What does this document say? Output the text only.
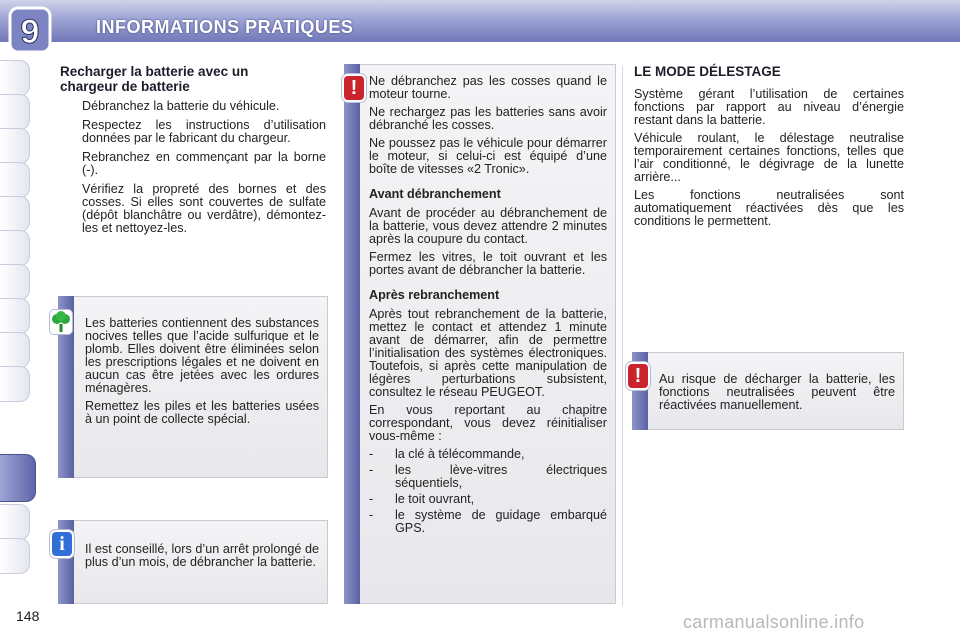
9	INFORMATIONS PRATIQUES
Recharger la batterie avec un
chargeur de batterie
Débranchez la batterie du véhicule.
Respectez les instructions d’utilisation données par le fabricant du chargeur.
Rebranchez en commençant par la borne (-).
Vérifiez la propreté des bornes et des cosses. Si elles sont couvertes de sulfate (dépôt blanchâtre ou verdâtre), démontez-les et nettoyez-les.

Les batteries contiennent des substances nocives telles que l’acide sulfurique et le plomb. Elles doivent être éliminées selon les prescriptions légales et ne doivent en aucun cas être jetées avec les ordures ménagères.

Remettez les piles et les batteries usées à un point de collecte spécial.

Il est conseillé, lors d’un arrêt prolongé de plus d’un mois, de débrancher la batterie.

i

Ne débranchez pas les cosses quand le moteur tourne.

Ne rechargez pas les batteries sans avoir débranché les cosses.

Ne poussez pas le véhicule pour démarrer le moteur, si celui-ci est équipé d’une boîte de vitesses «2 Tronic».

Avant débranchement

Avant de procéder au débranchement de la batterie, vous devez attendre 2 minutes après la coupure du contact.

Fermez les vitres, le toit ouvrant et les portes avant de débrancher la batterie.

Après rebranchement

Après tout rebranchement de la batterie, mettez le contact et attendez 1 minute avant de démarrer, afin de permettre l’initialisation des systèmes électroniques. Toutefois, si après cette manipulation de légères perturbations subsistent, consultez le réseau PEUGEOT.

En vous reportant au chapitre correspondant, vous devez réinitialiser vous-même :

- la clé à télécommande,
- les lève-vitres électriques séquentiels,
- le toit ouvrant,
- le système de guidage embarqué GPS.
!
LE MODE DÉLESTAGE

Système gérant l’utilisation de certaines fonctions par rapport au niveau d’énergie restant dans la batterie.

Véhicule roulant, le délestage neutralise temporairement certaines fonctions, telles que l’air conditionné, le dégivrage de la lunette arrière...

Les fonctions neutralisées sont automatiquement réactivées dès que les conditions le permettent.

Au risque de décharger la batterie, les fonctions neutralisées peuvent être réactivées manuellement.

!
148	carmanualsonline.info
